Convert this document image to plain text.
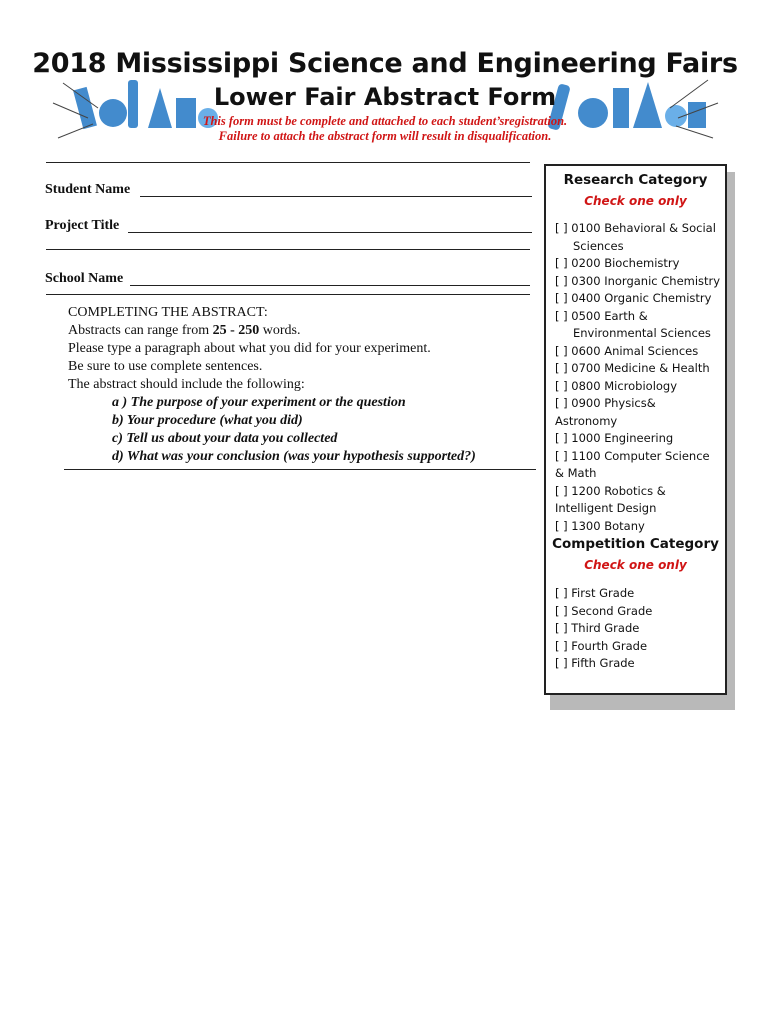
2018 Mississippi Science and Engineering Fairs
Lower Fair Abstract Form
This form must be complete and attached to each student’sregistration.
Failure to attach the abstract form will result in disqualification.
Student Name
Project Title
School Name
COMPLETING THE ABSTRACT:
Abstracts can range from 25 - 250 words.
Please type a paragraph about what you did for your experiment.
Be sure to use complete sentences.
The abstract should include the following:
a ) The purpose of your experiment or the question
b) Your procedure (what you did)
c) Tell us about your data you collected
d) What was your conclusion (was your hypothesis supported?)
Research Category
Check one only
[ ] 0100 Behavioral & Social
Sciences
[ ] 0200 Biochemistry
[ ] 0300 Inorganic Chemistry
[ ] 0400 Organic Chemistry
[ ] 0500 Earth &
Environmental Sciences
[ ] 0600 Animal Sciences
[ ] 0700 Medicine & Health
[ ] 0800 Microbiology
[ ] 0900 Physics&
Astronomy
[ ] 1000 Engineering
[ ] 1100 Computer Science
& Math
[ ] 1200 Robotics &
Intelligent Design
[ ] 1300 Botany
Competition Category
Check one only
[ ] First Grade
[ ] Second Grade
[ ] Third Grade
[ ] Fourth Grade
[ ] Fifth Grade
